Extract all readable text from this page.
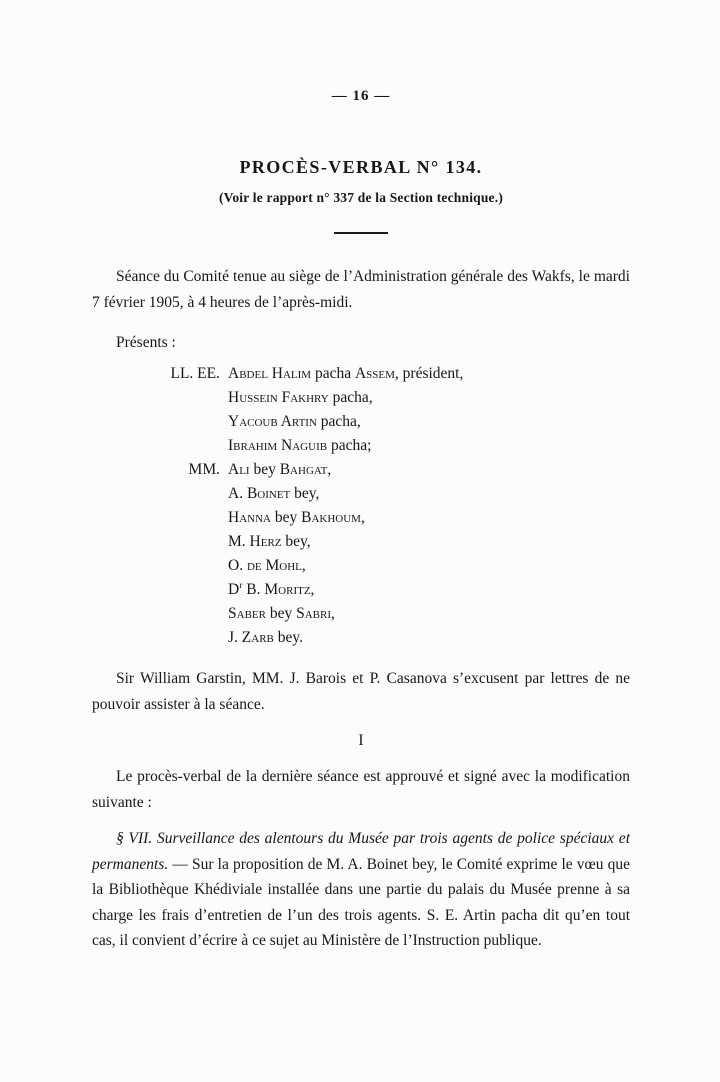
— 16 —
PROCÈS-VERBAL N° 134.
(Voir le rapport n° 337 de la Section technique.)

Séance du Comité tenue au siège de l’Administration générale des Wakfs, le mardi 7 février 1905, à 4 heures de l’après-midi.

Présents :

LL. EE. Abdel Halim pacha Assem, président,
Hussein Fakhry pacha,
Yacoub Artin pacha,
Ibrahim Naguib pacha;
MM. Ali bey Bahgat,
A. Boinet bey,
Hanna bey Bakhoum,
M. Herz bey,
O. de Mohl,
$D^r$ B. Moritz,
Saber bey Sabri,
J. Zarb bey.

Sir William Garstin, MM. J. Barois et P. Casanova s’excusent par lettres de ne pouvoir assister à la séance.

I

Le procès-verbal de la dernière séance est approuvé et signé avec la modification suivante :

§ VII. Surveillance des alentours du Musée par trois agents de police spéciaux et permanents. — Sur la proposition de M. A. Boinet bey, le Comité exprime le vœu que la Bibliothèque Khédiviale installée dans une partie du palais du Musée prenne à sa charge les frais d’entretien de l’un des trois agents. S. E. Artin pacha dit qu’en tout cas, il convient d’écrire à ce sujet au Ministère de l’Instruction publique.
